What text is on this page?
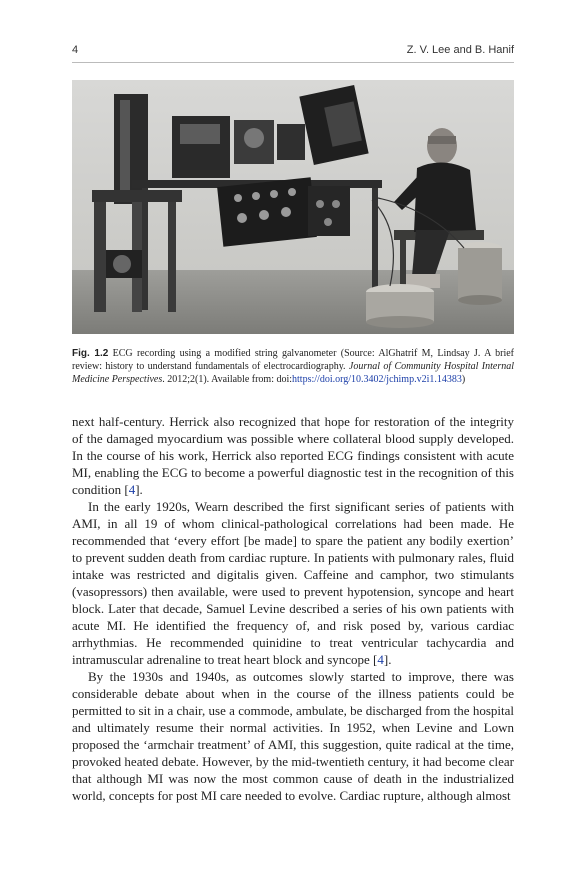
4	Z. V. Lee and B. Hanif
Fig. 1.2 ECG recording using a modified string galvanometer (Source: AlGhatrif M, Lindsay J. A brief review: history to understand fundamentals of electrocardiography. Journal of Community Hospital Internal Medicine Perspectives. 2012;2(1). Available from: doi:https://doi.org/10.3402/jchimp.v2i1.14383)

next half-century. Herrick also recognized that hope for restoration of the integrity of the damaged myocardium was possible where collateral blood supply developed. In the course of his work, Herrick also reported ECG findings consistent with acute MI, enabling the ECG to become a powerful diagnostic test in the recognition of this condition [4].

In the early 1920s, Wearn described the first significant series of patients with AMI, in all 19 of whom clinical-pathological correlations had been made. He recommended that ‘every effort [be made] to spare the patient any bodily exertion’ to prevent sudden death from cardiac rupture. In patients with pulmonary rales, fluid intake was restricted and digitalis given. Caffeine and camphor, two stimulants (vasopressors) then available, were used to prevent hypotension, syncope and heart block. Later that decade, Samuel Levine described a series of his own patients with acute MI. He identified the frequency of, and risk posed by, various cardiac arrhythmias. He recommended quinidine to treat ventricular tachycardia and intramuscular adrenaline to treat heart block and syncope [4].

By the 1930s and 1940s, as outcomes slowly started to improve, there was considerable debate about when in the course of the illness patients could be permitted to sit in a chair, use a commode, ambulate, be discharged from the hospital and ultimately resume their normal activities. In 1952, when Levine and Lown proposed the ‘armchair treatment’ of AMI, this suggestion, quite radical at the time, provoked heated debate. However, by the mid-twentieth century, it had become clear that although MI was now the most common cause of death in the industrialized world, concepts for post MI care needed to evolve. Cardiac rupture, although almost
